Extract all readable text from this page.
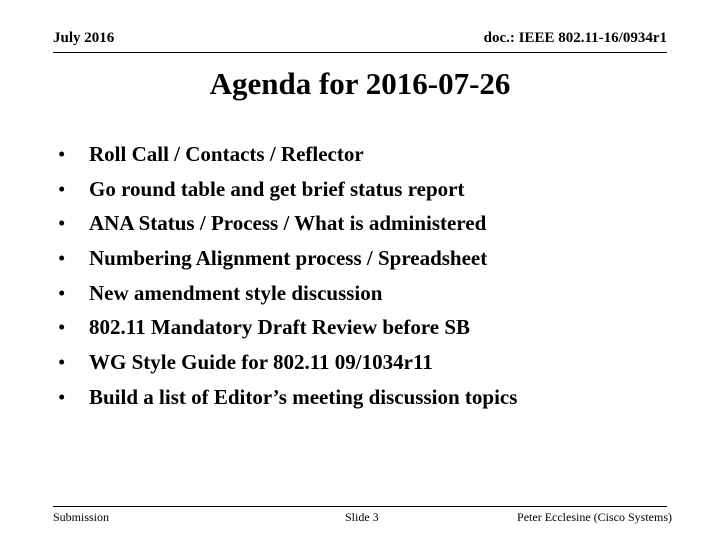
July 2016	doc.: IEEE 802.11-16/0934r1
Agenda for 2016-07-26
•	Roll Call / Contacts / Reflector
•	Go round table and get brief status report
•	ANA Status / Process / What is administered
•	Numbering Alignment process / Spreadsheet
•	New amendment style discussion
•	802.11 Mandatory Draft Review before SB
•	WG Style Guide for 802.11 09/1034r11
•	Build a list of Editor’s meeting discussion topics
Submission	Slide 3	Peter Ecclesine (Cisco Systems)
